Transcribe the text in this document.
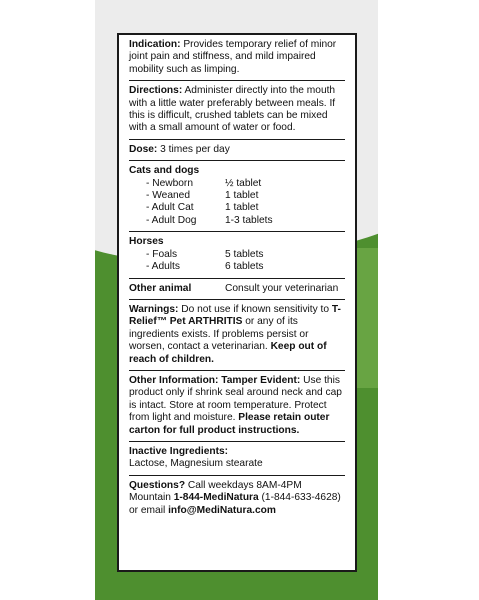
Indication: Provides temporary relief of minor joint pain and stiffness, and mild impaired mobility such as limping.
Directions: Administer directly into the mouth with a little water preferably between meals. If this is difficult, crushed tablets can be mixed with a small amount of water or food.
Dose: 3 times per day
Cats and dogs
- Newborn	½ tablet
- Weaned	1 tablet
- Adult Cat	1 tablet
- Adult Dog	1-3 tablets
Horses
- Foals	5 tablets
- Adults	6 tablets
Other animal	Consult your veterinarian
Warnings: Do not use if known sensitivity to T-Relief™ Pet ARTHRITIS or any of its ingredients exists. If problems persist or worsen, contact a veterinarian. Keep out of reach of children.
Other Information: Tamper Evident: Use this product only if shrink seal around neck and cap is intact. Store at room temperature. Protect from light and moisture. Please retain outer carton for full product instructions.
Inactive Ingredients:
Lactose, Magnesium stearate
Questions? Call weekdays 8AM-4PM Mountain 1-844-MediNatura (1-844-633-4628) or email info@MediNatura.com
